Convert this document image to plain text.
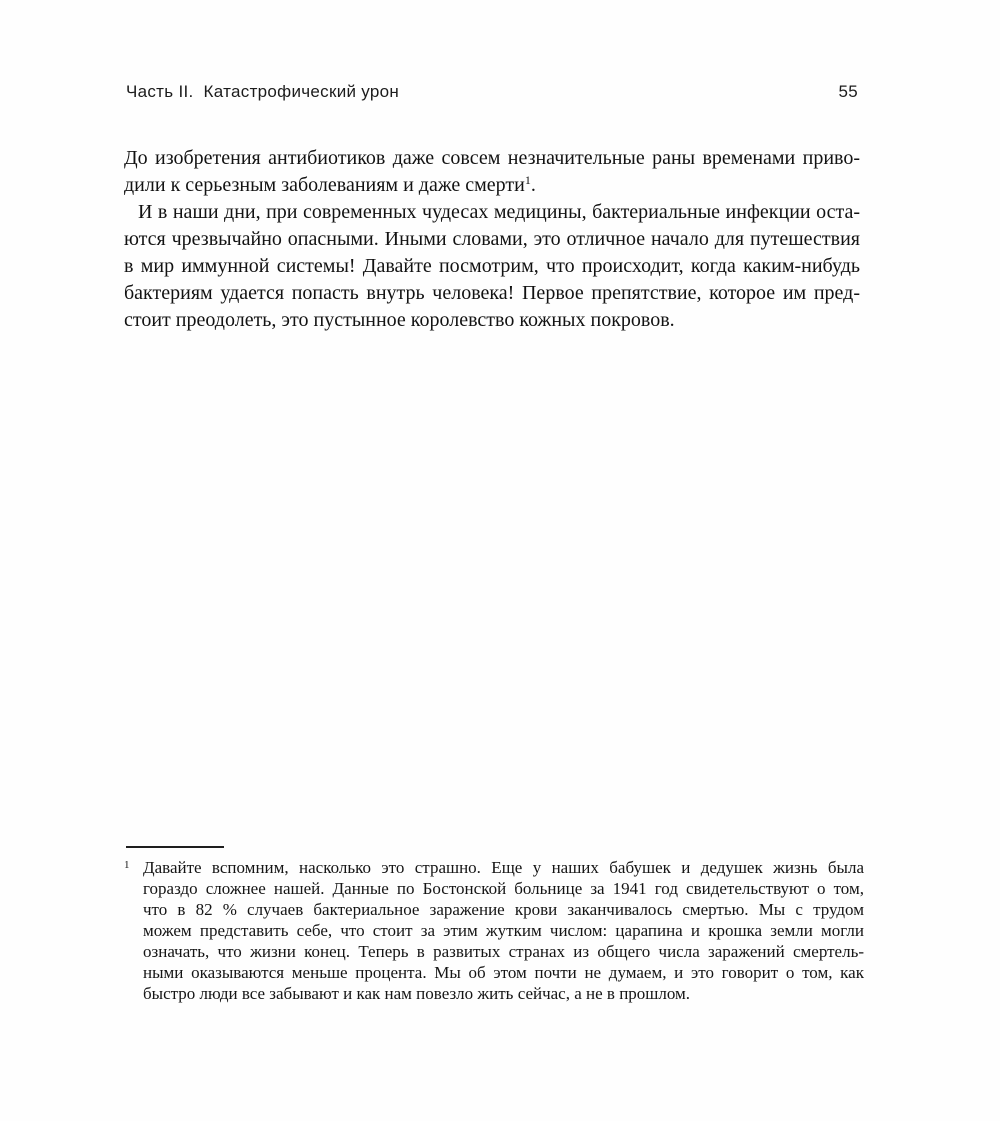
Часть II. Катастрофический урон	55
До изобретения антибиотиков даже совсем незначительные раны временами приво-
дили к серьезным заболеваниям и даже смерти$^1$.
И в наши дни, при современных чудесах медицины, бактериальные инфекции оста-
ются чрезвычайно опасными. Иными словами, это отличное начало для путешествия
в мир иммунной системы! Давайте посмотрим, что происходит, когда каким-нибудь
бактериям удается попасть внутрь человека! Первое препятствие, которое им пред-
стоит преодолеть, это пустынное королевство кожных покровов.
$^1$ Давайте вспомним, насколько это страшно. Еще у наших бабушек и дедушек жизнь была
гораздо сложнее нашей. Данные по Бостонской больнице за 1941 год свидетельствуют о том,
что в 82 % случаев бактериальное заражение крови заканчивалось смертью. Мы с трудом
можем представить себе, что стоит за этим жутким числом: царапина и крошка земли могли
означать, что жизни конец. Теперь в развитых странах из общего числа заражений смертель-
ными оказываются меньше процента. Мы об этом почти не думаем, и это говорит о том, как
быстро люди все забывают и как нам повезло жить сейчас, а не в прошлом.
